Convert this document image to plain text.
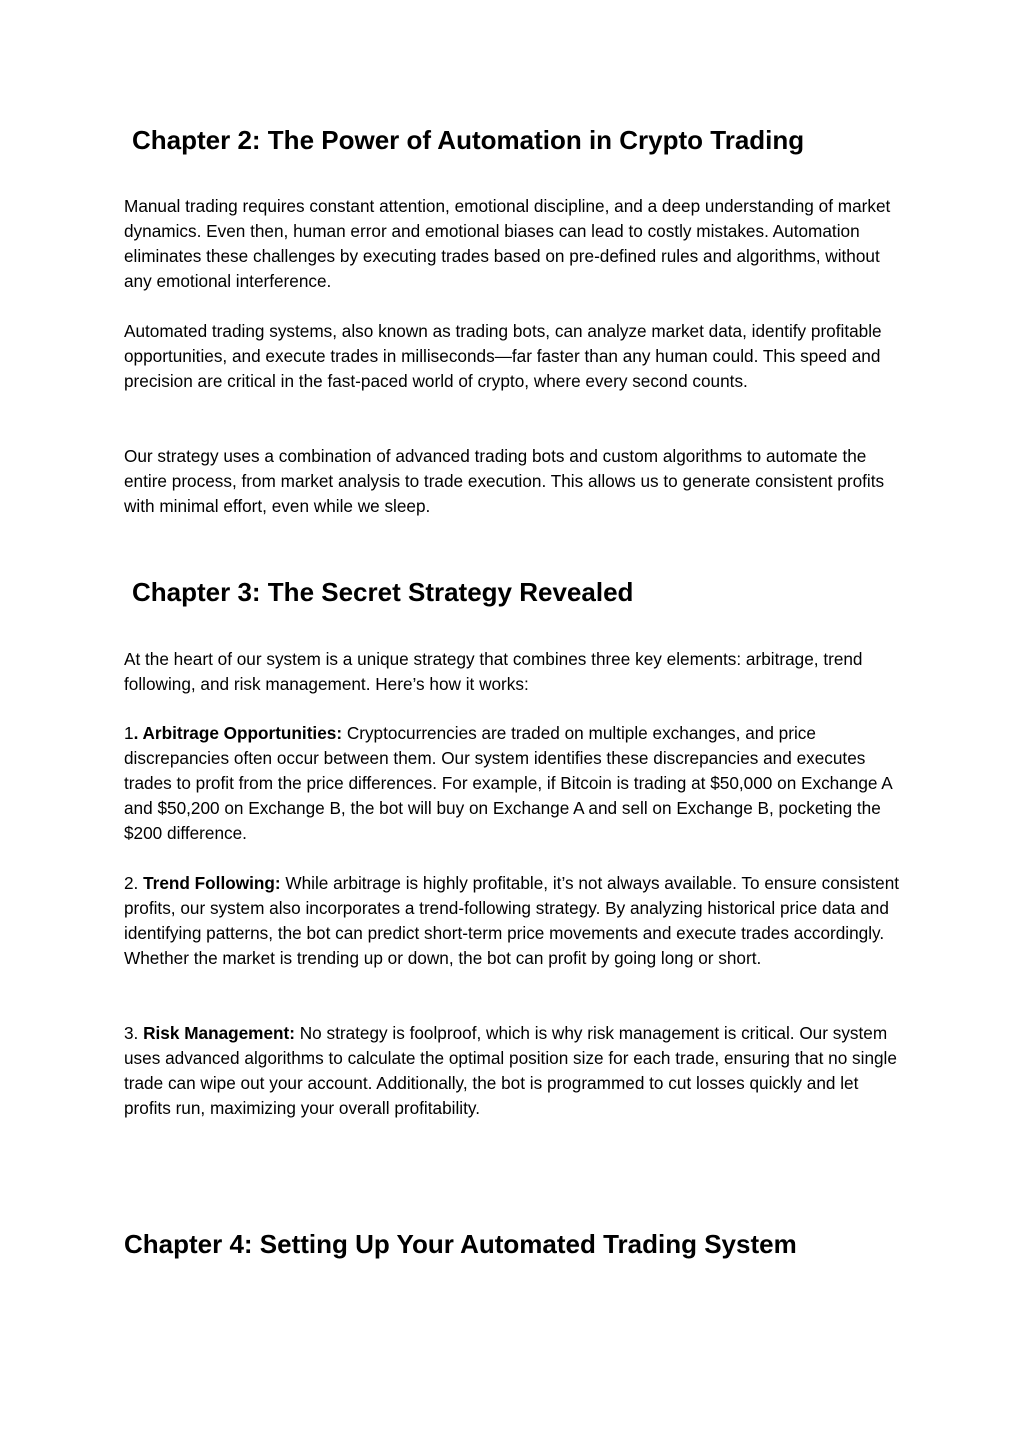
Chapter 2: The Power of Automation in Crypto Trading

Manual trading requires constant attention, emotional discipline, and a deep understanding of market dynamics. Even then, human error and emotional biases can lead to costly mistakes. Automation eliminates these challenges by executing trades based on pre-defined rules and algorithms, without any emotional interference.

Automated trading systems, also known as trading bots, can analyze market data, identify profitable opportunities, and execute trades in milliseconds—far faster than any human could. This speed and precision are critical in the fast-paced world of crypto, where every second counts.

Our strategy uses a combination of advanced trading bots and custom algorithms to automate the entire process, from market analysis to trade execution. This allows us to generate consistent profits with minimal effort, even while we sleep.

Chapter 3: The Secret Strategy Revealed

At the heart of our system is a unique strategy that combines three key elements: arbitrage, trend following, and risk management. Here’s how it works:

1. Arbitrage Opportunities: Cryptocurrencies are traded on multiple exchanges, and price discrepancies often occur between them. Our system identifies these discrepancies and executes trades to profit from the price differences. For example, if Bitcoin is trading at $50,000 on Exchange A and $50,200 on Exchange B, the bot will buy on Exchange A and sell on Exchange B, pocketing the $200 difference.

2. Trend Following: While arbitrage is highly profitable, it’s not always available. To ensure consistent profits, our system also incorporates a trend-following strategy. By analyzing historical price data and identifying patterns, the bot can predict short-term price movements and execute trades accordingly. Whether the market is trending up or down, the bot can profit by going long or short.

3. Risk Management: No strategy is foolproof, which is why risk management is critical. Our system uses advanced algorithms to calculate the optimal position size for each trade, ensuring that no single trade can wipe out your account. Additionally, the bot is programmed to cut losses quickly and let profits run, maximizing your overall profitability.

Chapter 4: Setting Up Your Automated Trading System
